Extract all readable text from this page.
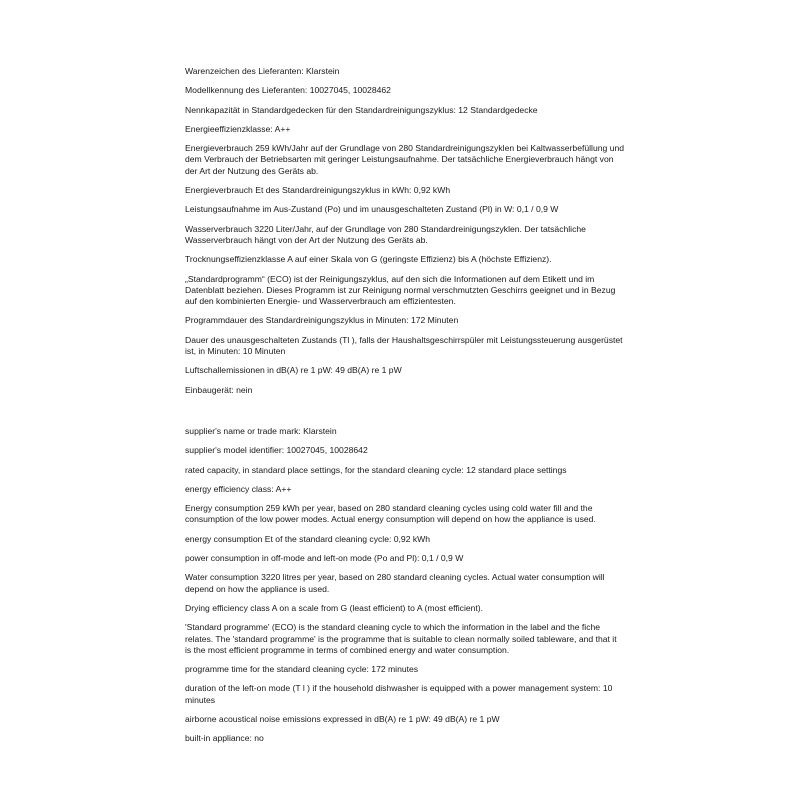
Warenzeichen des Lieferanten: Klarstein

Modellkennung des Lieferanten: 10027045, 10028462

Nennkapazität in Standardgedecken für den Standardreinigungszyklus: 12 Standardgedecke

Energieeffizienzklasse: A++

Energieverbrauch 259 kWh/Jahr auf der Grundlage von 280 Standardreinigungszyklen bei Kaltwasserbefüllung und dem Verbrauch der Betriebsarten mit geringer Leistungsaufnahme. Der tatsächliche Energieverbrauch hängt von der Art der Nutzung des Geräts ab.

Energieverbrauch Et des Standardreinigungszyklus in kWh: 0,92 kWh

Leistungsaufnahme im Aus-Zustand (Po) und im unausgeschalteten Zustand (Pl) in W: 0,1 / 0,9 W

Wasserverbrauch 3220 Liter/Jahr, auf der Grundlage von 280 Standardreinigungszyklen. Der tatsächliche Wasserverbrauch hängt von der Art der Nutzung des Geräts ab.

Trocknungseffizienzklasse A auf einer Skala von G (geringste Effizienz) bis A (höchste Effizienz).

„Standardprogramm“ (ECO) ist der Reinigungszyklus, auf den sich die Informationen auf dem Etikett und im Datenblatt beziehen. Dieses Programm ist zur Reinigung normal verschmutzten Geschirrs geeignet und in Bezug auf den kombinierten Energie- und Wasserverbrauch am effizientesten.

Programmdauer des Standardreinigungszyklus in Minuten: 172 Minuten

Dauer des unausgeschalteten Zustands (Tl ), falls der Haushaltsgeschirrspüler mit Leistungssteuerung ausgerüstet ist, in Minuten: 10 Minuten

Luftschallemissionen in dB(A) re 1 pW: 49 dB(A) re 1 pW

Einbaugerät: nein

supplier's name or trade mark: Klarstein

supplier's model identifier: 10027045, 10028642

rated capacity, in standard place settings, for the standard cleaning cycle: 12 standard place settings

energy efficiency class: A++

Energy consumption 259 kWh per year, based on 280 standard cleaning cycles using cold water fill and the consumption of the low power modes. Actual energy consumption will depend on how the appliance is used.

energy consumption Et of the standard cleaning cycle: 0,92 kWh

power consumption in off-mode and left-on mode (Po and Pl): 0,1 / 0,9 W

Water consumption 3220 litres per year, based on 280 standard cleaning cycles. Actual water consumption will depend on how the appliance is used.

Drying efficiency class A on a scale from G (least efficient) to A (most efficient).

'Standard programme' (ECO) is the standard cleaning cycle to which the information in the label and the fiche relates. The 'standard programme' is the programme that is suitable to clean normally soiled tableware, and that it is the most efficient programme in terms of combined energy and water consumption.

programme time for the standard cleaning cycle: 172 minutes

duration of the left-on mode (T l ) if the household dishwasher is equipped with a power management system: 10 minutes

airborne acoustical noise emissions expressed in dB(A) re 1 pW: 49 dB(A) re 1 pW

built-in appliance: no
